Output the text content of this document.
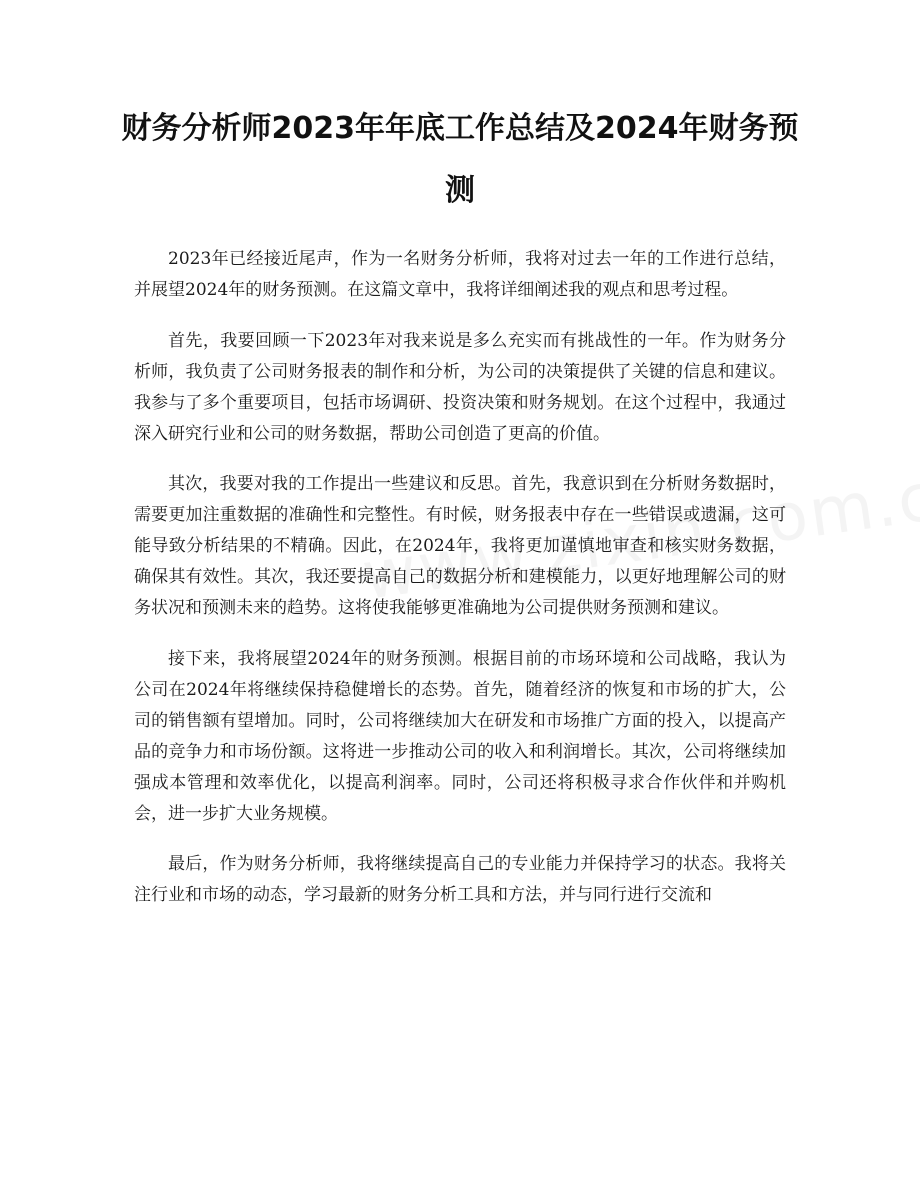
财务分析师2023年年底工作总结及2024年财务预测

2023年已经接近尾声，作为一名财务分析师，我将对过去一年的工作进行总结，并展望2024年的财务预测。在这篇文章中，我将详细阐述我的观点和思考过程。

首先，我要回顾一下2023年对我来说是多么充实而有挑战性的一年。作为财务分析师，我负责了公司财务报表的制作和分析，为公司的决策提供了关键的信息和建议。我参与了多个重要项目，包括市场调研、投资决策和财务规划。在这个过程中，我通过深入研究行业和公司的财务数据，帮助公司创造了更高的价值。

其次，我要对我的工作提出一些建议和反思。首先，我意识到在分析财务数据时，需要更加注重数据的准确性和完整性。有时候，财务报表中存在一些错误或遗漏，这可能导致分析结果的不精确。因此，在2024年，我将更加谨慎地审查和核实财务数据，确保其有效性。其次，我还要提高自己的数据分析和建模能力，以更好地理解公司的财务状况和预测未来的趋势。这将使我能够更准确地为公司提供财务预测和建议。

接下来，我将展望2024年的财务预测。根据目前的市场环境和公司战略，我认为公司在2024年将继续保持稳健增长的态势。首先，随着经济的恢复和市场的扩大，公司的销售额有望增加。同时，公司将继续加大在研发和市场推广方面的投入，以提高产品的竞争力和市场份额。这将进一步推动公司的收入和利润增长。其次，公司将继续加强成本管理和效率优化，以提高利润率。同时，公司还将积极寻求合作伙伴和并购机会，进一步扩大业务规模。

最后，作为财务分析师，我将继续提高自己的专业能力并保持学习的状态。我将关注行业和市场的动态，学习最新的财务分析工具和方法，并与同行进行交流和
